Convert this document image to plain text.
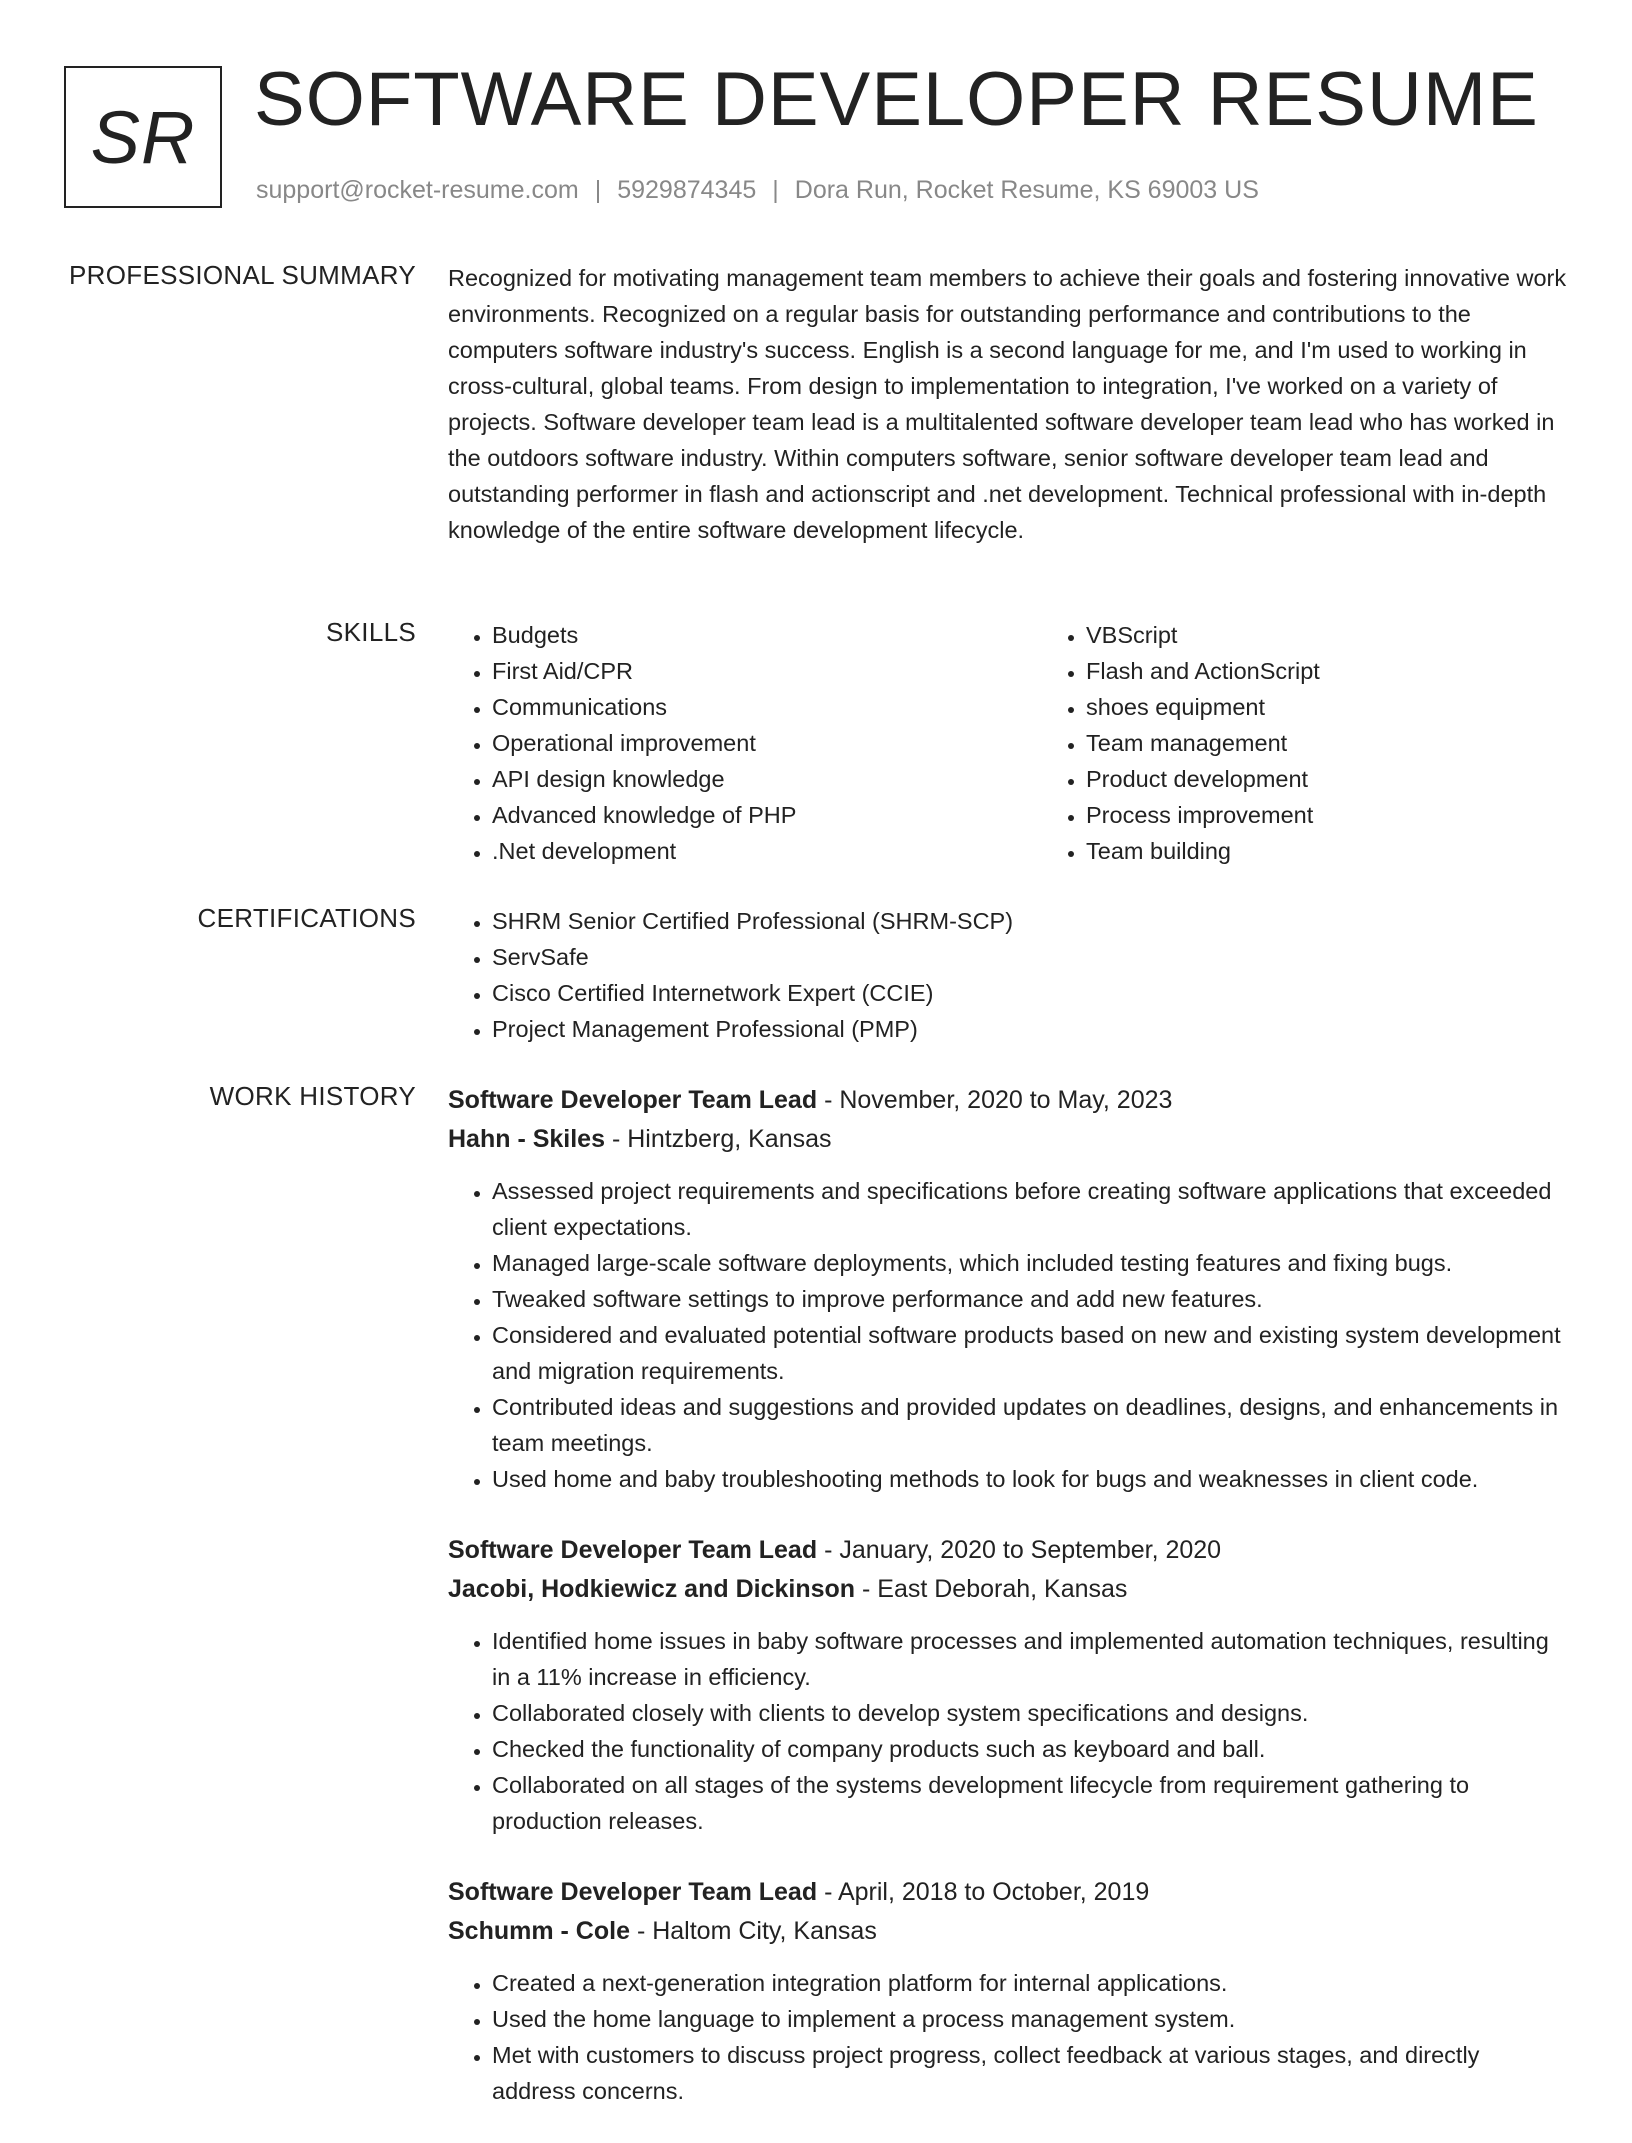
SR SOFTWARE DEVELOPER RESUME
support@rocket-resume.com | 5929874345 | Dora Run, Rocket Resume, KS 69003 US
PROFESSIONAL SUMMARY Recognized for motivating management team members to achieve their goals and fostering innovative work environments. Recognized on a regular basis for outstanding performance and contributions to the computers software industry's success. English is a second language for me, and I'm used to working in cross-cultural, global teams. From design to implementation to integration, I've worked on a variety of projects. Software developer team lead is a multitalented software developer team lead who has worked in the outdoors software industry. Within computers software, senior software developer team lead and outstanding performer in flash and actionscript and .net development. Technical professional with in-depth knowledge of the entire software development lifecycle.
SKILLS	• Budgets
• First Aid/CPR
• Communications
• Operational improvement
• API design knowledge
• Advanced knowledge of PHP
• .Net development
• VBScript
• Flash and ActionScript
• shoes equipment
• Team management
• Product development
• Process improvement
• Team building
CERTIFICATIONS	• SHRM Senior Certified Professional (SHRM-SCP)
• ServSafe
• Cisco Certified Internetwork Expert (CCIE)
• Project Management Professional (PMP)
WORK HISTORY Software Developer Team Lead - November, 2020 to May, 2023
Hahn - Skiles - Hintzberg, Kansas
• Assessed project requirements and specifications before creating software applications that exceeded client expectations.
• Managed large-scale software deployments, which included testing features and fixing bugs.
• Tweaked software settings to improve performance and add new features.
• Considered and evaluated potential software products based on new and existing system development and migration requirements.
• Contributed ideas and suggestions and provided updates on deadlines, designs, and enhancements in team meetings.
• Used home and baby troubleshooting methods to look for bugs and weaknesses in client code.
Software Developer Team Lead - January, 2020 to September, 2020
Jacobi, Hodkiewicz and Dickinson - East Deborah, Kansas
• Identified home issues in baby software processes and implemented automation techniques, resulting in a 11% increase in efficiency.
• Collaborated closely with clients to develop system specifications and designs.
• Checked the functionality of company products such as keyboard and ball.
• Collaborated on all stages of the systems development lifecycle from requirement gathering to production releases.
Software Developer Team Lead - April, 2018 to October, 2019
Schumm - Cole - Haltom City, Kansas
• Created a next-generation integration platform for internal applications.
• Used the home language to implement a process management system.
• Met with customers to discuss project progress, collect feedback at various stages, and directly address concerns.
